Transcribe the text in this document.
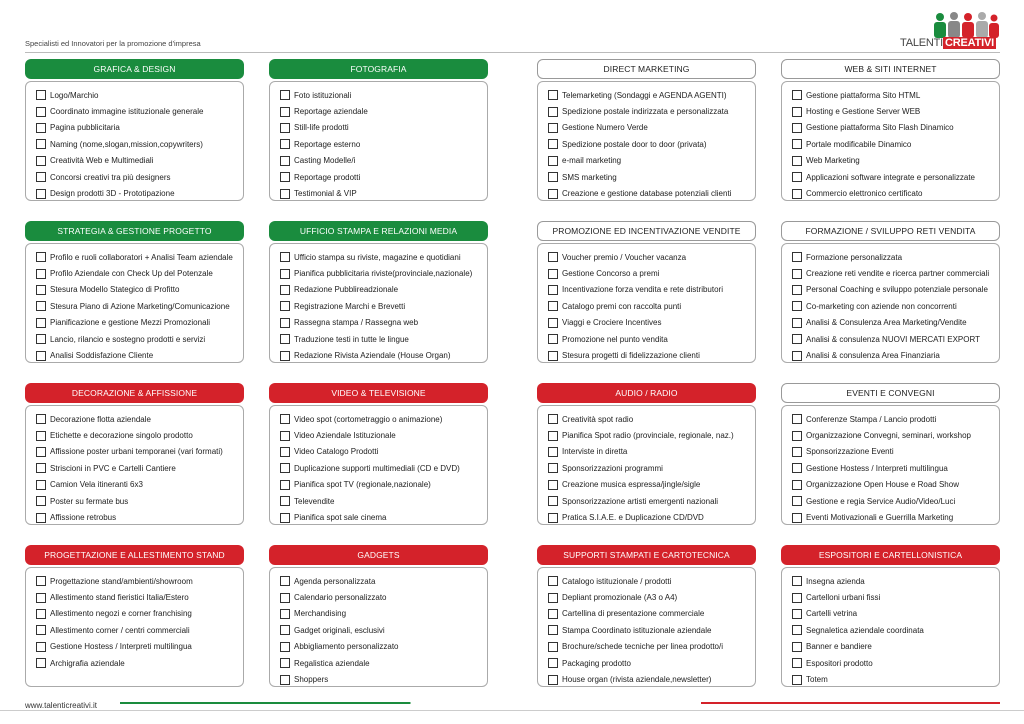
Specialisti ed Innovatori per la promozione d'impresa	TALENTI CREATIVI
GRAFICA & DESIGN
Logo/Marchio
Coordinato immagine istituzionale generale
Pagina pubblicitaria
Naming (nome,slogan,mission,copywriters)
Creatività Web e Multimediali
Concorsi creativi tra più designers
Design prodotti 3D - Prototipazione
FOTOGRAFIA
Foto istituzionali
Reportage aziendale
Still-life prodotti
Reportage esterno
Casting Modelle/i
Reportage prodotti
Testimonial & VIP
DIRECT MARKETING
Telemarketing (Sondaggi e AGENDA AGENTI)
Spedizione postale indirizzata e personalizzata
Gestione Numero Verde
Spedizione postale door to door (privata)
e-mail marketing
SMS marketing
Creazione e gestione database potenziali clienti
WEB & SITI INTERNET
Gestione piattaforma Sito HTML
Hosting e Gestione Server WEB
Gestione piattaforma Sito Flash Dinamico
Portale modificabile Dinamico
Web Marketing
Applicazioni software integrate e personalizzate
Commercio elettronico certificato
STRATEGIA & GESTIONE PROGETTO
Profilo e ruoli collaboratori + Analisi Team aziendale
Profilo Aziendale con Check Up del Potenzale
Stesura Modello Stategico di Profitto
Stesura Piano di Azione Marketing/Comunicazione
Pianificazione e gestione Mezzi Promozionali
Lancio, rilancio e sostegno prodotti e servizi
Analisi Soddisfazione Cliente
UFFICIO STAMPA E RELAZIONI MEDIA
Ufficio stampa su riviste, magazine e quotidiani
Pianifica pubblicitaria riviste(provinciale,nazionale)
Redazione Pubblireadzionale
Registrazione Marchi e Brevetti
Rassegna stampa / Rassegna web
Traduzione testi in tutte le lingue
Redazione Rivista Aziendale (House Organ)
PROMOZIONE ED INCENTIVAZIONE VENDITE
Voucher premio / Voucher vacanza
Gestione Concorso a premi
Incentivazione forza vendita e rete distributori
Catalogo premi con raccolta punti
Viaggi e Crociere Incentives
Promozione nel punto vendita
Stesura progetti di fidelizzazione clienti
FORMAZIONE / SVILUPPO RETI VENDITA
Formazione personalizzata
Creazione reti vendite e ricerca partner commerciali
Personal Coaching e sviluppo potenziale personale
Co-marketing con aziende non concorrenti
Analisi & Consulenza Area Marketing/Vendite
Analisi & consulenza NUOVI MERCATI EXPORT
Analisi & consulenza Area Finanziaria
DECORAZIONE & AFFISSIONE
Decorazione flotta aziendale
Etichette e decorazione singolo prodotto
Affissione poster urbani temporanei (vari formati)
Striscioni in PVC e Cartelli Cantiere
Camion Vela itineranti 6x3
Poster su fermate bus
Affissione retrobus
VIDEO & TELEVISIONE
Video spot (cortometraggio o animazione)
Video Aziendale Istituzionale
Video Catalogo Prodotti
Duplicazione supporti multimediali (CD e DVD)
Pianifica spot TV (regionale,nazionale)
Televendite
Pianifica spot sale cinema
AUDIO / RADIO
Creatività spot radio
Pianifica Spot radio (provinciale, regionale, naz.)
Interviste in diretta
Sponsorizzazioni programmi
Creazione musica espressa/jingle/sigle
Sponsorizzazione artisti emergenti nazionali
Pratica S.I.A.E. e Duplicazione CD/DVD
EVENTI E CONVEGNI
Conferenze Stampa / Lancio prodotti
Organizzazione Convegni, seminari, workshop
Sponsorizzazione Eventi
Gestione Hostess / Interpreti multilingua
Organizzazione Open House e Road Show
Gestione e regia Service Audio/Video/Luci
Eventi Motivazionali e Guerrilla Marketing
PROGETTAZIONE E ALLESTIMENTO STAND
Progettazione stand/ambienti/showroom
Allestimento stand fieristici Italia/Estero
Allestimento negozi e corner franchising
Allestimento corner / centri commerciali
Gestione Hostess / Interpreti multilingua
Archigrafia aziendale
GADGETS
Agenda personalizzata
Calendario personalizzato
Merchandising
Gadget originali, esclusivi
Abbigliamento personalizzato
Regalistica aziendale
Shoppers
SUPPORTI STAMPATI E CARTOTECNICA
Catalogo istituzionale / prodotti
Depliant promozionale (A3 o A4)
Cartellina di presentazione commerciale
Stampa Coordinato istituzionale aziendale
Brochure/schede tecniche per linea prodotto/i
Packaging prodotto
House organ (rivista aziendale,newsletter)
ESPOSITORI E CARTELLONISTICA
Insegna azienda
Cartelloni urbani fissi
Cartelli vetrina
Segnaletica aziendale coordinata
Banner e bandiere
Espositori prodotto
Totem
www.talenticreativi.it
